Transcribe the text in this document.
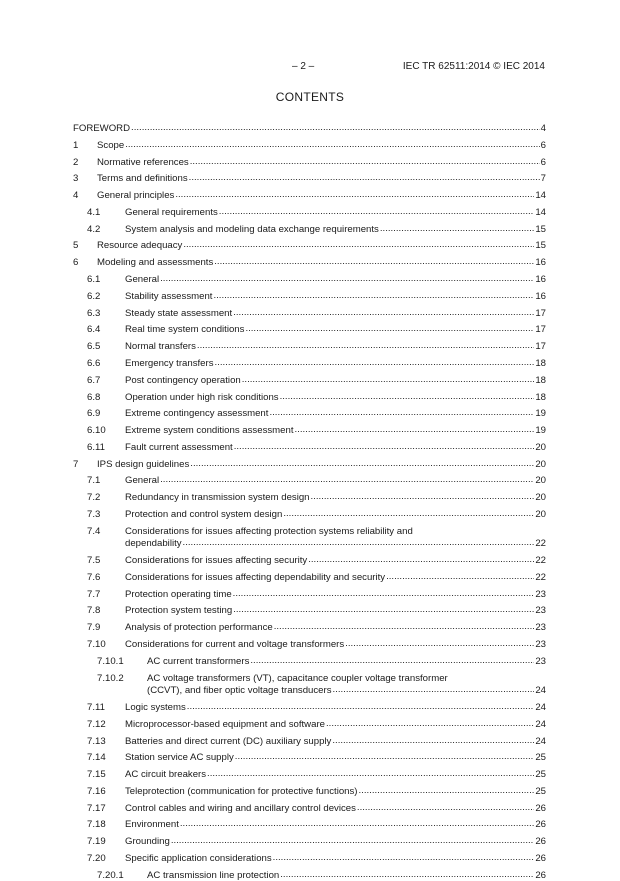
– 2 –	IEC TR 62511:2014 © IEC 2014
CONTENTS
FOREWORD .....	4
1 Scope .....	6
2 Normative references .....	6
3 Terms and definitions .....	7
4 General principles .....	14
4.1	General requirements .....	14
4.2	System analysis and modeling data exchange requirements .....	15
5 Resource adequacy .....	15
6 Modeling and assessments .....	16
6.1	General .....	16
6.2	Stability assessment .....	16
6.3	Steady state assessment .....	17
6.4	Real time system conditions .....	17
6.5	Normal transfers .....	17
6.6	Emergency transfers .....	18
6.7	Post contingency operation .....	18
6.8	Operation under high risk conditions .....	18
6.9	Extreme contingency assessment .....	19
6.10 Extreme system conditions assessment .....	19
6.11 Fault current assessment .....	20
7 IPS design guidelines .....	20
7.1	General .....	20
7.2	Redundancy in transmission system design .....	20
7.3	Protection and control system design .....	20
7.4	Considerations for issues affecting protection systems reliability and
dependability .....	22
7.5	Considerations for issues affecting security .....	22
7.6	Considerations for issues affecting dependability and security .....	22
7.7	Protection operating time .....	23
7.8	Protection system testing .....	23
7.9	Analysis of protection performance .....	23
7.10 Considerations for current and voltage transformers .....	23
7.10.1 AC current transformers .....	23
7.10.2 AC voltage transformers (VT), capacitance coupler voltage transformer
(CCVT), and fiber optic voltage transducers .....	24
7.11 Logic systems .....	24
7.12 Microprocessor-based equipment and software .....	24
7.13 Batteries and direct current (DC) auxiliary supply .....	24
7.14 Station service AC supply .....	25
7.15 AC circuit breakers .....	25
7.16 Teleprotection (communication for protective functions) .....	25
7.17 Control cables and wiring and ancillary control devices .....	26
7.18 Environment .....	26
7.19 Grounding .....	26
7.20 Specific application considerations .....	26
7.20.1 AC transmission line protection .....	26
